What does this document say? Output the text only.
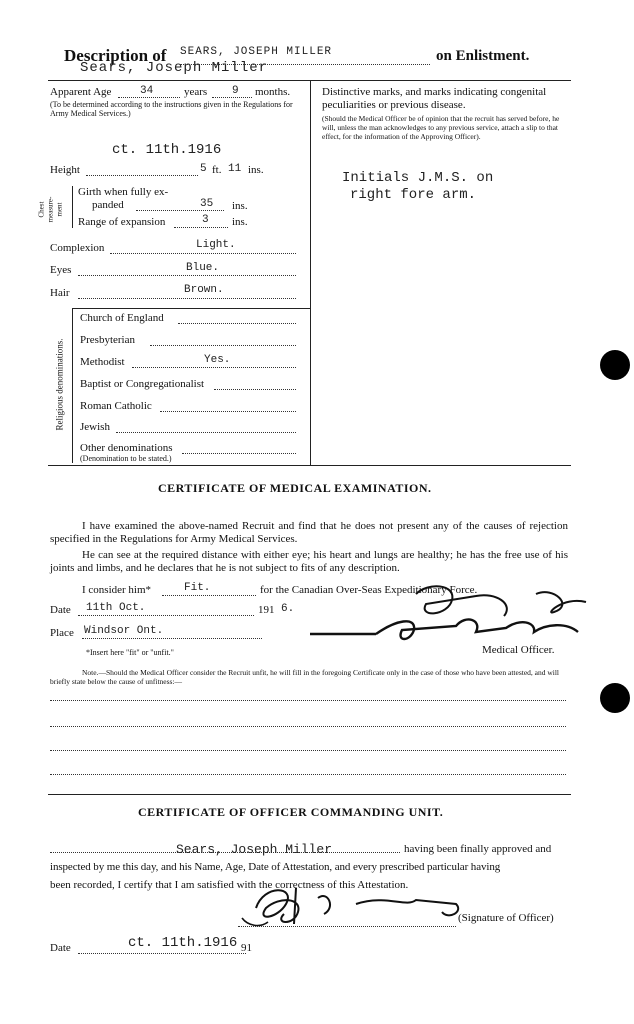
Description of SEARS, JOSEPH MILLER
Sears, Joseph Miller
on Enlistment.
Apparent Age	34	years 9 months.
(To be determined according to the instructions given in the Regulations for Army Medical Services.)
ct. 11th.1916
Height	5 ft. 11 ins.
Chest measure-ment
Girth when fully ex-
panded	35 ins.
Range of expansion	3 ins.
Complexion	Light.
Eyes	Blue.
Hair	Brown.
Religious denominations.
Church of England
Presbyterian
Methodist	Yes.
Baptist or Congregationalist
Roman Catholic
Jewish
Other denominations
(Denomination to be stated.)
Distinctive marks, and marks indicating congenital peculiarities or previous disease.
(Should the Medical Officer be of opinion that the recruit has served before, he will, unless the man acknowledges to any previous service, attach a slip to that effect, for the information of the Approving Officer).
Initials J.M.S. on
right fore arm.
CERTIFICATE OF MEDICAL EXAMINATION.
I have examined the above-named Recruit and find that he does not present any of the causes of rejection specified in the Regulations for Army Medical Services.
He can see at the required distance with either eye; his heart and lungs are healthy; he has the free use of his joints and limbs, and he declares that he is not subject to fits of any description.
I consider him*	Fit.	for the Canadian Over-Seas Expeditionary Force.
Date 11th Oct.	191 6.
Place Windsor Ont.
*Insert here "fit" or "unfit."	Medical Officer.
Note.—Should the Medical Officer consider the Recruit unfit, he will fill in the foregoing Certificate only in the case of those who have been attested, and will briefly state below the cause of unfitness:—
CERTIFICATE OF OFFICER COMMANDING UNIT.
Sears, Joseph Miller	having been finally approved and
inspected by me this day, and his Name, Age, Date of Attestation, and every prescribed particular having
been recorded, I certify that I am satisfied with the correctness of this Attestation.
(Signature of Officer)
Date	ct. 11th.1916 91
